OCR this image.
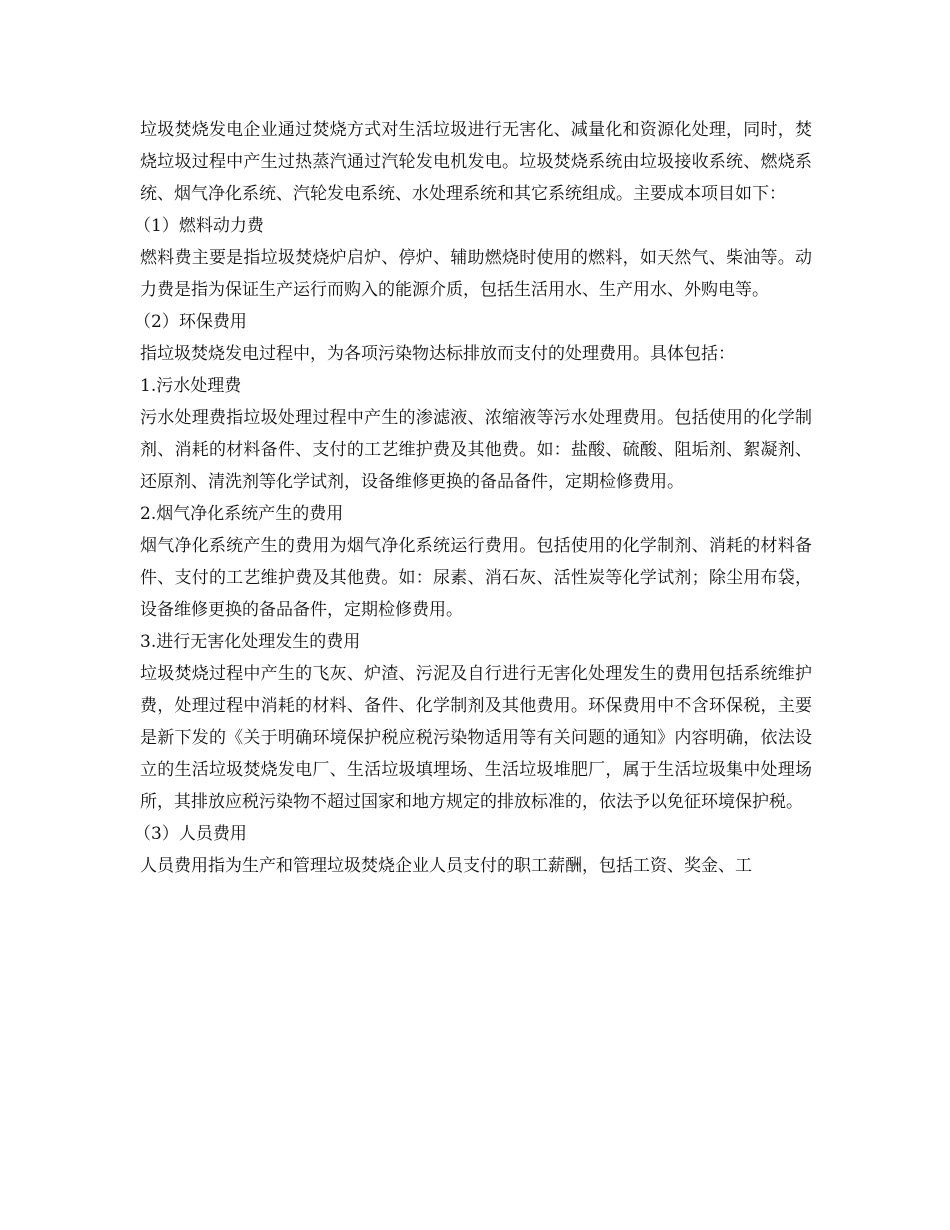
垃圾焚烧发电企业通过焚烧方式对生活垃圾进行无害化、减量化和资源化处理，同时，焚烧垃圾过程中产生过热蒸汽通过汽轮发电机发电。垃圾焚烧系统由垃圾接收系统、燃烧系统、烟气净化系统、汽轮发电系统、水处理系统和其它系统组成。主要成本项目如下：

（1）燃料动力费

燃料费主要是指垃圾焚烧炉启炉、停炉、辅助燃烧时使用的燃料，如天然气、柴油等。动力费是指为保证生产运行而购入的能源介质，包括生活用水、生产用水、外购电等。

（2）环保费用

指垃圾焚烧发电过程中，为各项污染物达标排放而支付的处理费用。具体包括：

1.污水处理费

污水处理费指垃圾处理过程中产生的渗滤液、浓缩液等污水处理费用。包括使用的化学制剂、消耗的材料备件、支付的工艺维护费及其他费。如：盐酸、硫酸、阻垢剂、絮凝剂、还原剂、清洗剂等化学试剂，设备维修更换的备品备件，定期检修费用。

2.烟气净化系统产生的费用

烟气净化系统产生的费用为烟气净化系统运行费用。包括使用的化学制剂、消耗的材料备件、支付的工艺维护费及其他费。如：尿素、消石灰、活性炭等化学试剂；除尘用布袋，设备维修更换的备品备件，定期检修费用。

3.进行无害化处理发生的费用

垃圾焚烧过程中产生的飞灰、炉渣、污泥及自行进行无害化处理发生的费用包括系统维护费，处理过程中消耗的材料、备件、化学制剂及其他费用。环保费用中不含环保税，主要是新下发的《关于明确环境保护税应税污染物适用等有关问题的通知》内容明确，依法设立的生活垃圾焚烧发电厂、生活垃圾填埋场、生活垃圾堆肥厂，属于生活垃圾集中处理场所，其排放应税污染物不超过国家和地方规定的排放标准的，依法予以免征环境保护税。

（3）人员费用

人员费用指为生产和管理垃圾焚烧企业人员支付的职工薪酬，包括工资、奖金、工
